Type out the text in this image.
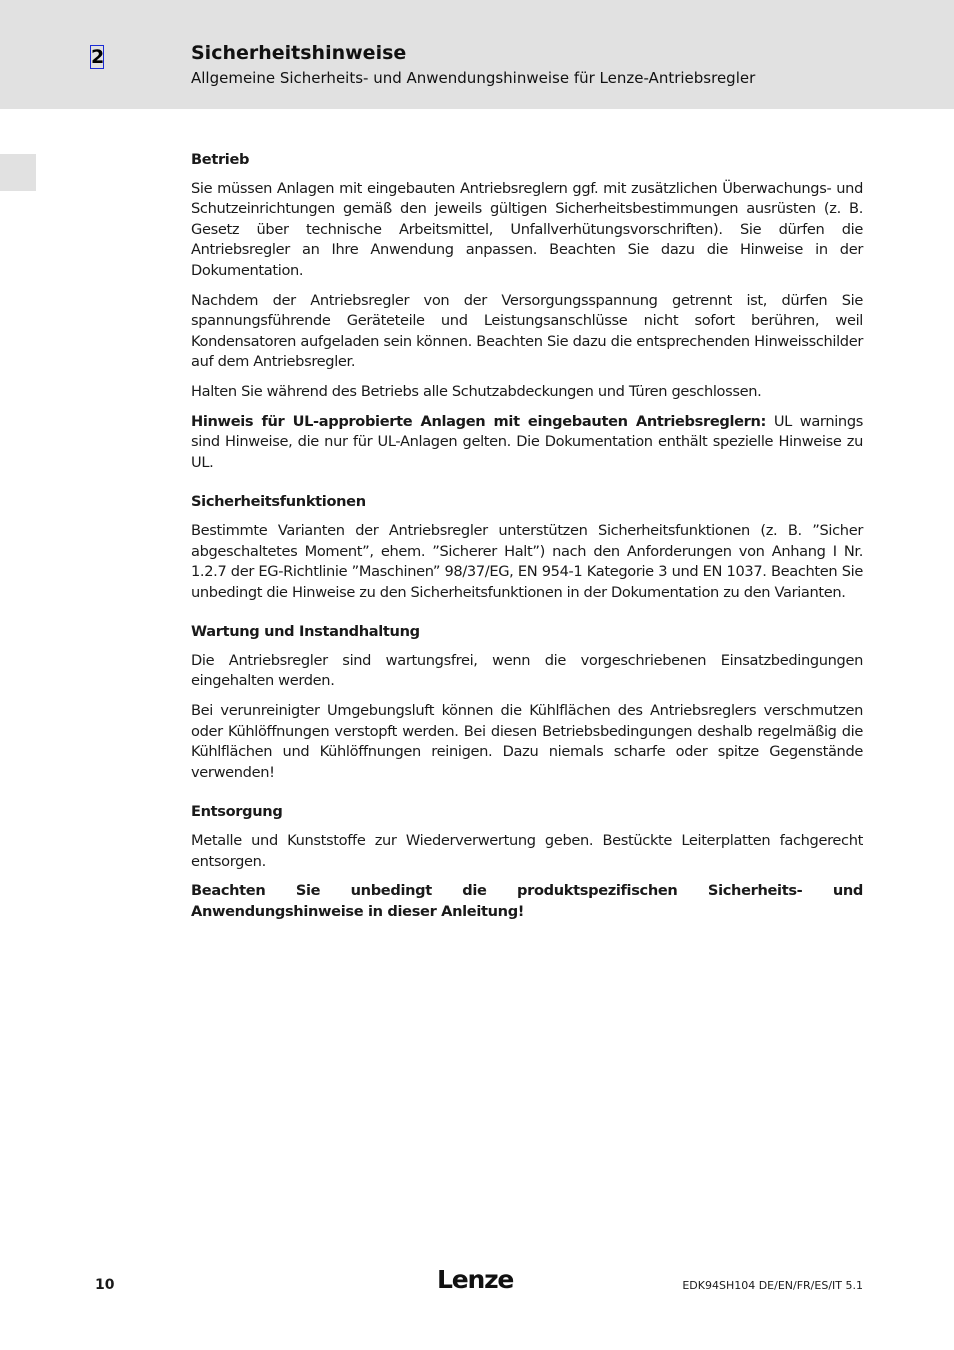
2	Sicherheitshinweise
Allgemeine Sicherheits- und Anwendungshinweise für Lenze-Antriebsregler
Betrieb

Sie müssen Anlagen mit eingebauten Antriebsreglern ggf. mit zusätzlichen Überwachungs- und Schutzeinrichtungen gemäß den jeweils gültigen Sicherheitsbestimmungen ausrüsten (z. B. Gesetz über technische Arbeitsmittel, Unfallverhütungsvorschriften). Sie dürfen die Antriebsregler an Ihre Anwendung anpassen. Beachten Sie dazu die Hinweise in der Dokumentation.

Nachdem der Antriebsregler von der Versorgungsspannung getrennt ist, dürfen Sie spannungsführende Geräteteile und Leistungsanschlüsse nicht sofort berühren, weil Kondensatoren aufgeladen sein können. Beachten Sie dazu die entsprechenden Hinweisschilder auf dem Antriebsregler.

Halten Sie während des Betriebs alle Schutzabdeckungen und Türen geschlossen.

Hinweis für UL-approbierte Anlagen mit eingebauten Antriebsreglern: UL warnings sind Hinweise, die nur für UL-Anlagen gelten. Die Dokumentation enthält spezielle Hinweise zu UL.

Sicherheitsfunktionen

Bestimmte Varianten der Antriebsregler unterstützen Sicherheitsfunktionen (z. B. ”Sicher abgeschaltetes Moment”, ehem. ”Sicherer Halt”) nach den Anforderungen von Anhang I Nr. 1.2.7 der EG-Richtlinie ”Maschinen” 98/37/EG, EN 954-1 Kategorie 3 und EN 1037. Beachten Sie unbedingt die Hinweise zu den Sicherheitsfunktionen in der Dokumentation zu den Varianten.

Wartung und Instandhaltung

Die Antriebsregler sind wartungsfrei, wenn die vorgeschriebenen Einsatzbedingungen eingehalten werden.

Bei verunreinigter Umgebungsluft können die Kühlflächen des Antriebsreglers verschmutzen oder Kühlöffnungen verstopft werden. Bei diesen Betriebsbedingungen deshalb regelmäßig die Kühlflächen und Kühlöffnungen reinigen. Dazu niemals scharfe oder spitze Gegenstände verwenden!

Entsorgung

Metalle und Kunststoffe zur Wiederverwertung geben. Bestückte Leiterplatten fachgerecht entsorgen.

Beachten Sie unbedingt die produktspezifischen Sicherheits- und Anwendungshinweise in dieser Anleitung!

10	Lenze	EDK94SH104 DE/EN/FR/ES/IT 5.1
